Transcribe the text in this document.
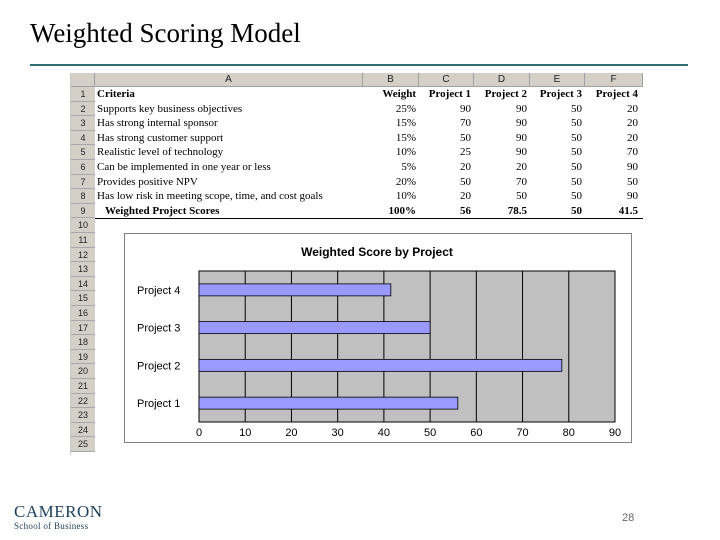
Weighted Scoring Model
A	B	C	D	E	F
1
2
3
4
5
6
7
8
9
10
11
12
13
14
15
16
17
18
19
20
21
22
23
24
25
Criteria	Weight	Project 1	Project 2	Project 3	Project 4
Supports key business objectives	25%	90	90	50	20
Has strong internal sponsor	15%	70	90	50	20
Has strong customer support	15%	50	90	50	20
Realistic level of technology	10%	25	90	50	70
Can be implemented in one year or less	5%	20	20	50	90
Provides positive NPV	20%	50	70	50	50
Has low risk in meeting scope, time, and cost goals	10%	20	50	50	90
Weighted Project Scores	100%	56	78.5	50	41.5
Weighted Score by Project
Project 4
Project 3
Project 2
Project 1
0	10	20	30	40	50	60	70	80	90
CAMERON
School of Business
28
